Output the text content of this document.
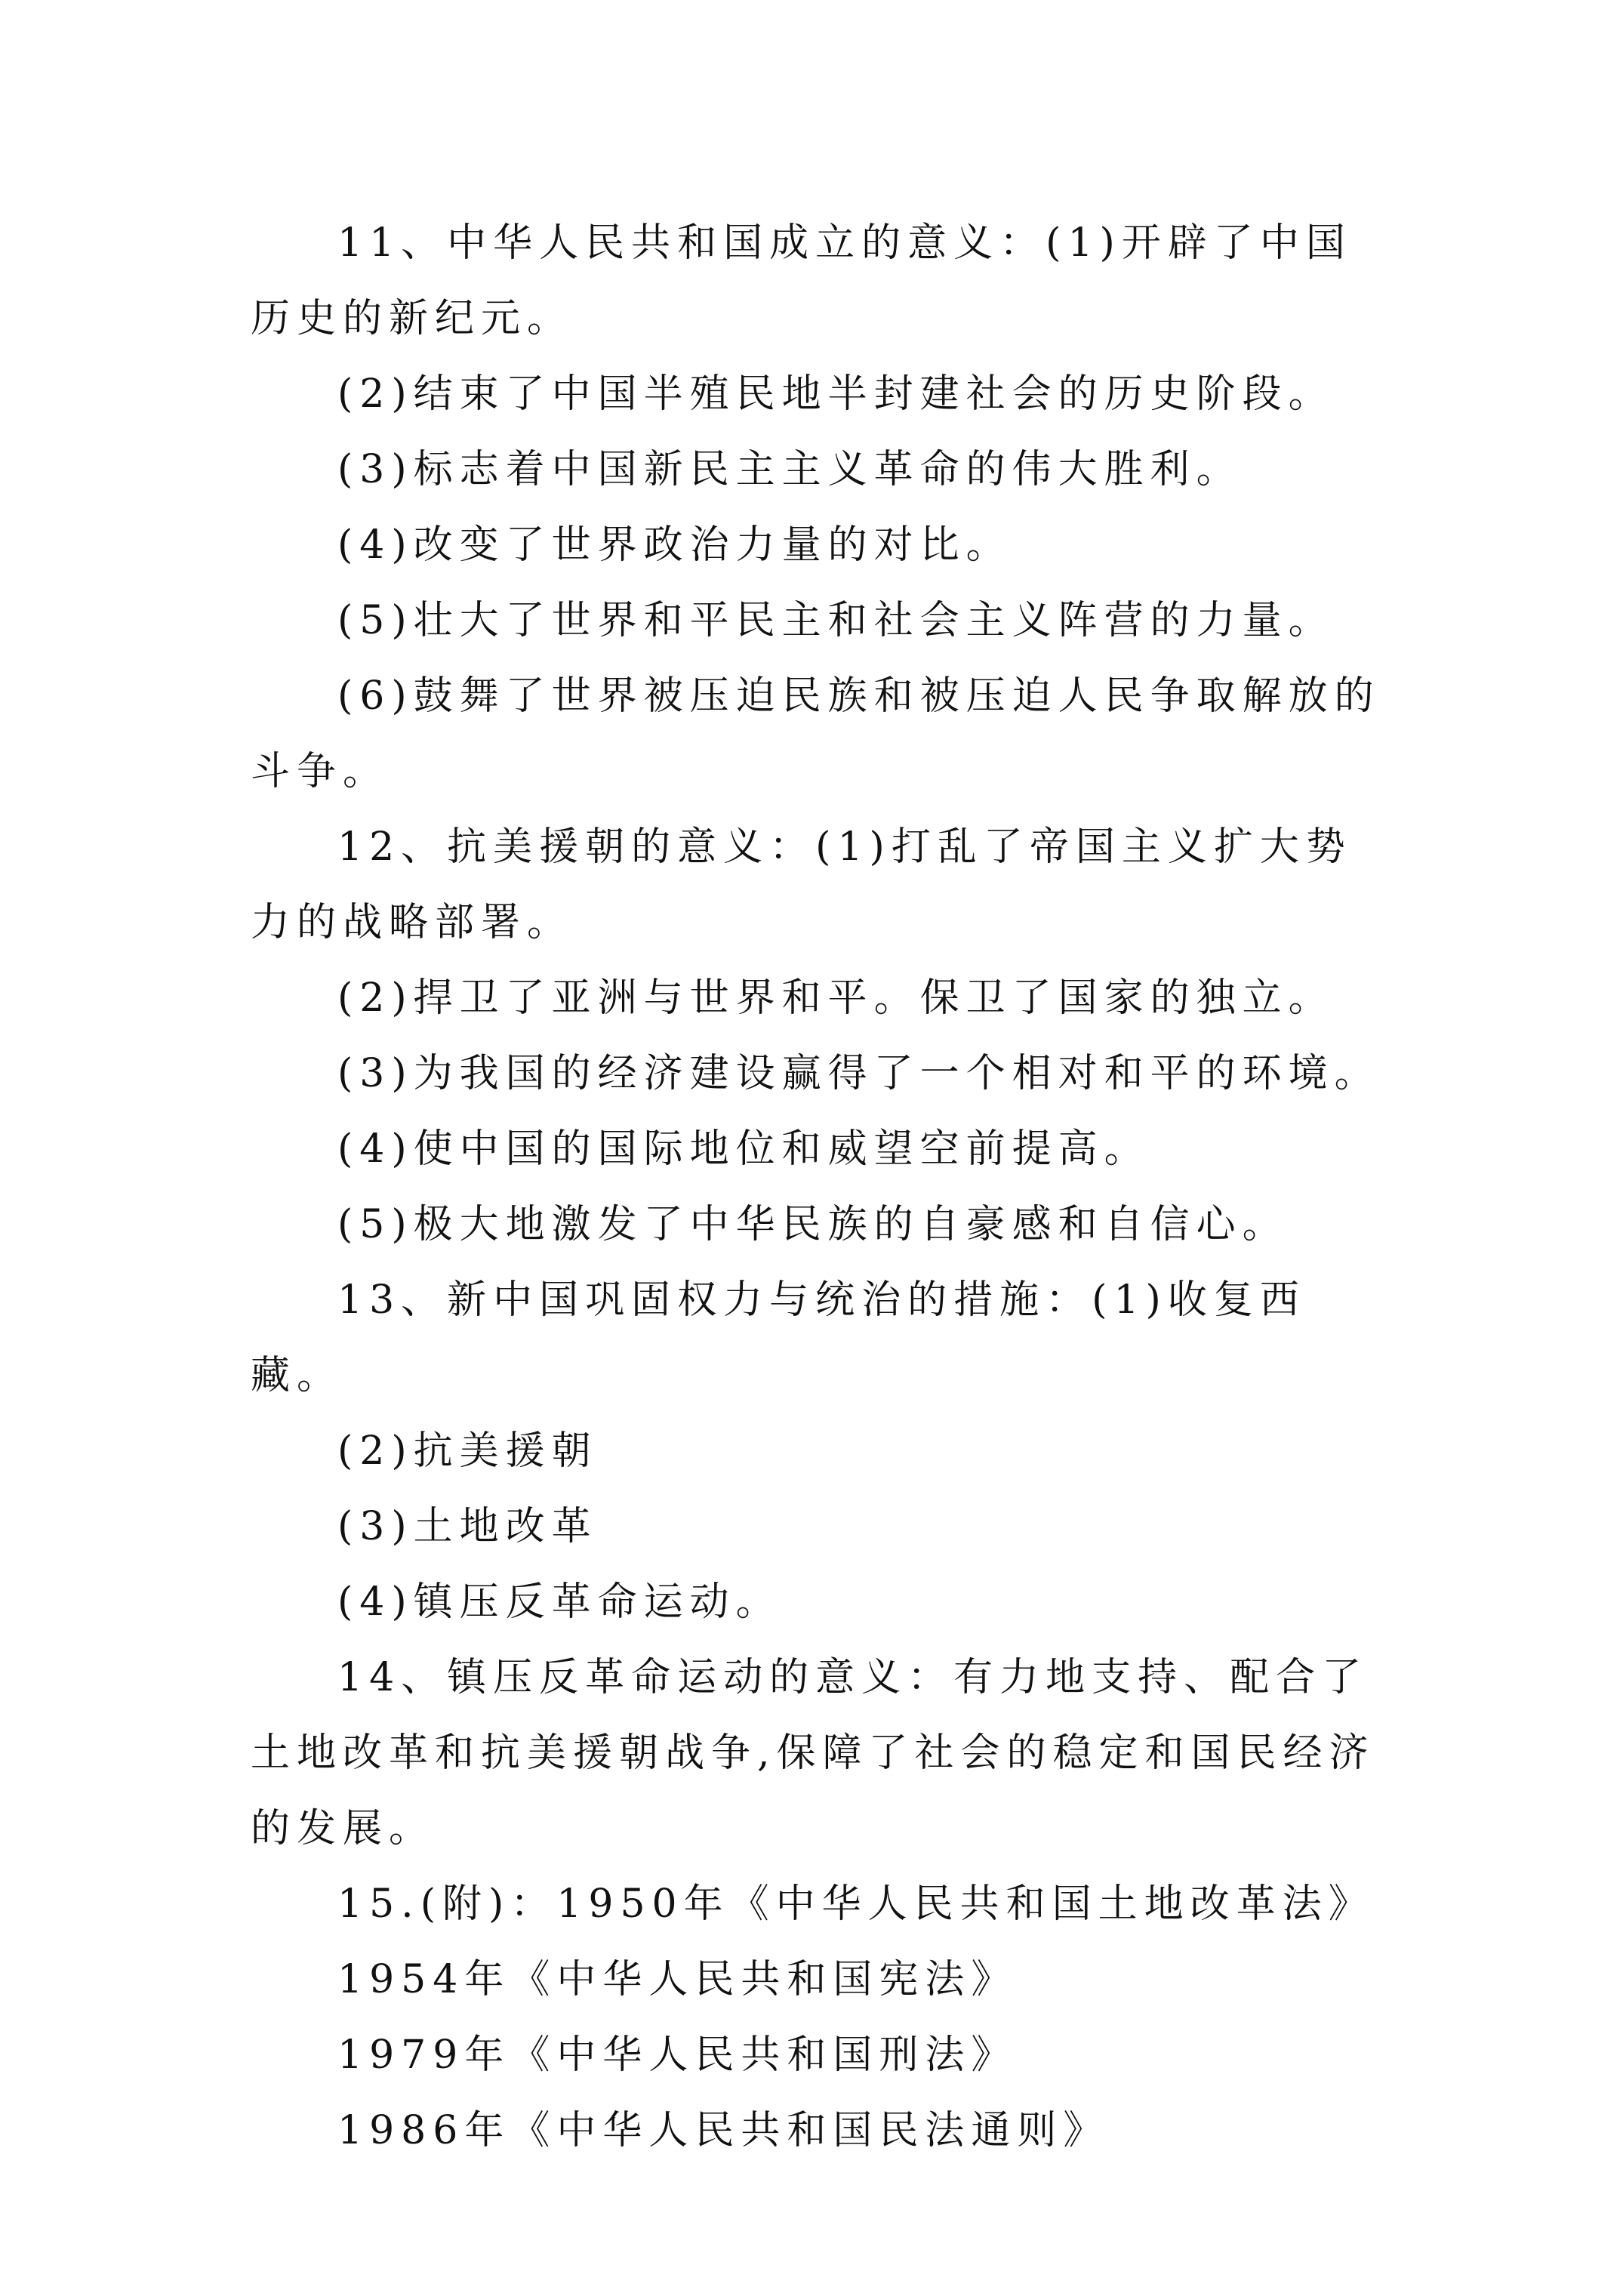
11、中华人民共和国成立的意义：(1)开辟了中国历史的新纪元。

(2)结束了中国半殖民地半封建社会的历史阶段。

(3)标志着中国新民主主义革命的伟大胜利。

(4)改变了世界政治力量的对比。

(5)壮大了世界和平民主和社会主义阵营的力量。

(6)鼓舞了世界被压迫民族和被压迫人民争取解放的斗争。

12、抗美援朝的意义：(1)打乱了帝国主义扩大势力的战略部署。

(2)捍卫了亚洲与世界和平。保卫了国家的独立。

(3)为我国的经济建设赢得了一个相对和平的环境。

(4)使中国的国际地位和威望空前提高。

(5)极大地激发了中华民族的自豪感和自信心。

13、新中国巩固权力与统治的措施：(1)收复西藏。

(2)抗美援朝

(3)土地改革

(4)镇压反革命运动。

14、镇压反革命运动的意义：有力地支持、配合了土地改革和抗美援朝战争,保障了社会的稳定和国民经济的发展。

15.(附)：1950年《中华人民共和国土地改革法》

1954年《中华人民共和国宪法》

1979年《中华人民共和国刑法》

1986年《中华人民共和国民法通则》
